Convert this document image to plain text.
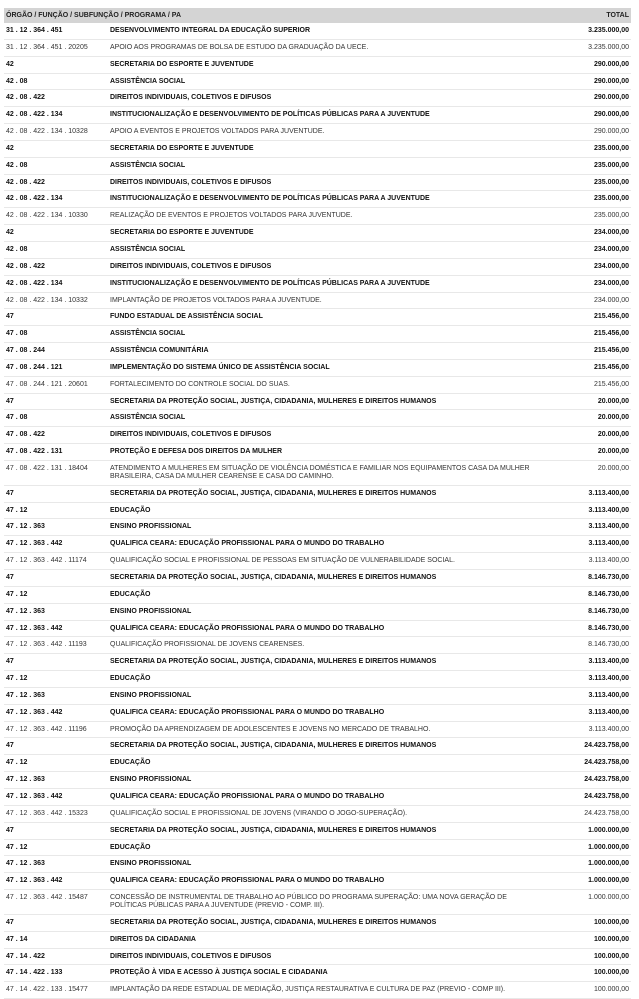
ÓRGÃO / FUNÇÃO / SUBFUNÇÃO / PROGRAMA / PA		TOTAL
31 . 12 . 364 . 451	DESENVOLVIMENTO INTEGRAL DA EDUCAÇÃO SUPERIOR	3.235.000,00
31 . 12 . 364 . 451 . 20205	APOIO AOS PROGRAMAS DE BOLSA DE ESTUDO DA GRADUAÇÃO DA UECE.	3.235.000,00
42	SECRETARIA DO ESPORTE E JUVENTUDE	290.000,00
42 . 08	ASSISTÊNCIA SOCIAL	290.000,00
42 . 08 . 422	DIREITOS INDIVIDUAIS, COLETIVOS E DIFUSOS	290.000,00
42 . 08 . 422 . 134	INSTITUCIONALIZAÇÃO E DESENVOLVIMENTO DE POLÍTICAS PÚBLICAS PARA A JUVENTUDE	290.000,00
42 . 08 . 422 . 134 . 10328	APOIO A EVENTOS E PROJETOS VOLTADOS PARA JUVENTUDE.	290.000,00
42	SECRETARIA DO ESPORTE E JUVENTUDE	235.000,00
42 . 08	ASSISTÊNCIA SOCIAL	235.000,00
42 . 08 . 422	DIREITOS INDIVIDUAIS, COLETIVOS E DIFUSOS	235.000,00
42 . 08 . 422 . 134	INSTITUCIONALIZAÇÃO E DESENVOLVIMENTO DE POLÍTICAS PÚBLICAS PARA A JUVENTUDE	235.000,00
42 . 08 . 422 . 134 . 10330	REALIZAÇÃO DE EVENTOS E PROJETOS VOLTADOS PARA JUVENTUDE.	235.000,00
42	SECRETARIA DO ESPORTE E JUVENTUDE	234.000,00
42 . 08	ASSISTÊNCIA SOCIAL	234.000,00
42 . 08 . 422	DIREITOS INDIVIDUAIS, COLETIVOS E DIFUSOS	234.000,00
42 . 08 . 422 . 134	INSTITUCIONALIZAÇÃO E DESENVOLVIMENTO DE POLÍTICAS PÚBLICAS PARA A JUVENTUDE	234.000,00
42 . 08 . 422 . 134 . 10332	IMPLANTAÇÃO DE PROJETOS VOLTADOS PARA A JUVENTUDE.	234.000,00
47	FUNDO ESTADUAL DE ASSISTÊNCIA SOCIAL	215.456,00
47 . 08	ASSISTÊNCIA SOCIAL	215.456,00
47 . 08 . 244	ASSISTÊNCIA COMUNITÁRIA	215.456,00
47 . 08 . 244 . 121	IMPLEMENTAÇÃO DO SISTEMA ÚNICO DE ASSISTÊNCIA SOCIAL	215.456,00
47 . 08 . 244 . 121 . 20601	FORTALECIMENTO DO CONTROLE SOCIAL DO SUAS.	215.456,00
47	SECRETARIA DA PROTEÇÃO SOCIAL, JUSTIÇA, CIDADANIA, MULHERES E DIREITOS HUMANOS	20.000,00
47 . 08	ASSISTÊNCIA SOCIAL	20.000,00
47 . 08 . 422	DIREITOS INDIVIDUAIS, COLETIVOS E DIFUSOS	20.000,00
47 . 08 . 422 . 131	PROTEÇÃO E DEFESA DOS DIREITOS DA MULHER	20.000,00
47 . 08 . 422 . 131 . 18404	ATENDIMENTO A MULHERES EM SITUAÇÃO DE VIOLÊNCIA DOMÉSTICA E FAMILIAR NOS EQUIPAMENTOS CASA DA MULHER BRASILEIRA, CASA DA MULHER CEARENSE E CASA DO CAMINHO.	20.000,00
47	SECRETARIA DA PROTEÇÃO SOCIAL, JUSTIÇA, CIDADANIA, MULHERES E DIREITOS HUMANOS	3.113.400,00
47 . 12	EDUCAÇÃO	3.113.400,00
47 . 12 . 363	ENSINO PROFISSIONAL	3.113.400,00
47 . 12 . 363 . 442	QUALIFICA CEARA: EDUCAÇÃO PROFISSIONAL PARA O MUNDO DO TRABALHO	3.113.400,00
47 . 12 . 363 . 442 . 11174	QUALIFICAÇÃO SOCIAL E PROFISSIONAL DE PESSOAS EM SITUAÇÃO DE VULNERABILIDADE SOCIAL.	3.113.400,00
47	SECRETARIA DA PROTEÇÃO SOCIAL, JUSTIÇA, CIDADANIA, MULHERES E DIREITOS HUMANOS	8.146.730,00
47 . 12	EDUCAÇÃO	8.146.730,00
47 . 12 . 363	ENSINO PROFISSIONAL	8.146.730,00
47 . 12 . 363 . 442	QUALIFICA CEARA: EDUCAÇÃO PROFISSIONAL PARA O MUNDO DO TRABALHO	8.146.730,00
47 . 12 . 363 . 442 . 11193	QUALIFICAÇÃO PROFISSIONAL DE JOVENS CEARENSES.	8.146.730,00
47	SECRETARIA DA PROTEÇÃO SOCIAL, JUSTIÇA, CIDADANIA, MULHERES E DIREITOS HUMANOS	3.113.400,00
47 . 12	EDUCAÇÃO	3.113.400,00
47 . 12 . 363	ENSINO PROFISSIONAL	3.113.400,00
47 . 12 . 363 . 442	QUALIFICA CEARA: EDUCAÇÃO PROFISSIONAL PARA O MUNDO DO TRABALHO	3.113.400,00
47 . 12 . 363 . 442 . 11196	PROMOÇÃO DA APRENDIZAGEM DE ADOLESCENTES E JOVENS NO MERCADO DE TRABALHO.	3.113.400,00
47	SECRETARIA DA PROTEÇÃO SOCIAL, JUSTIÇA, CIDADANIA, MULHERES E DIREITOS HUMANOS	24.423.758,00
47 . 12	EDUCAÇÃO	24.423.758,00
47 . 12 . 363	ENSINO PROFISSIONAL	24.423.758,00
47 . 12 . 363 . 442	QUALIFICA CEARA: EDUCAÇÃO PROFISSIONAL PARA O MUNDO DO TRABALHO	24.423.758,00
47 . 12 . 363 . 442 . 15323	QUALIFICAÇÃO SOCIAL E PROFISSIONAL DE JOVENS (VIRANDO O JOGO-SUPERAÇÃO).	24.423.758,00
47	SECRETARIA DA PROTEÇÃO SOCIAL, JUSTIÇA, CIDADANIA, MULHERES E DIREITOS HUMANOS	1.000.000,00
47 . 12	EDUCAÇÃO	1.000.000,00
47 . 12 . 363	ENSINO PROFISSIONAL	1.000.000,00
47 . 12 . 363 . 442	QUALIFICA CEARA: EDUCAÇÃO PROFISSIONAL PARA O MUNDO DO TRABALHO	1.000.000,00
47 . 12 . 363 . 442 . 15487	CONCESSÃO DE INSTRUMENTAL DE TRABALHO AO PÚBLICO DO PROGRAMA SUPERAÇÃO: UMA NOVA GERAÇÃO DE POLÍTICAS PÚBLICAS PARA A JUVENTUDE (PREVIO - COMP. III).	1.000.000,00
47	SECRETARIA DA PROTEÇÃO SOCIAL, JUSTIÇA, CIDADANIA, MULHERES E DIREITOS HUMANOS	100.000,00
47 . 14	DIREITOS DA CIDADANIA	100.000,00
47 . 14 . 422	DIREITOS INDIVIDUAIS, COLETIVOS E DIFUSOS	100.000,00
47 . 14 . 422 . 133	PROTEÇÃO À VIDA E ACESSO À JUSTIÇA SOCIAL E CIDADANIA	100.000,00
47 . 14 . 422 . 133 . 15477	IMPLANTAÇÃO DA REDE ESTADUAL DE MEDIAÇÃO, JUSTIÇA RESTAURATIVA E CULTURA DE PAZ (PREVIO - COMP III).	100.000,00
